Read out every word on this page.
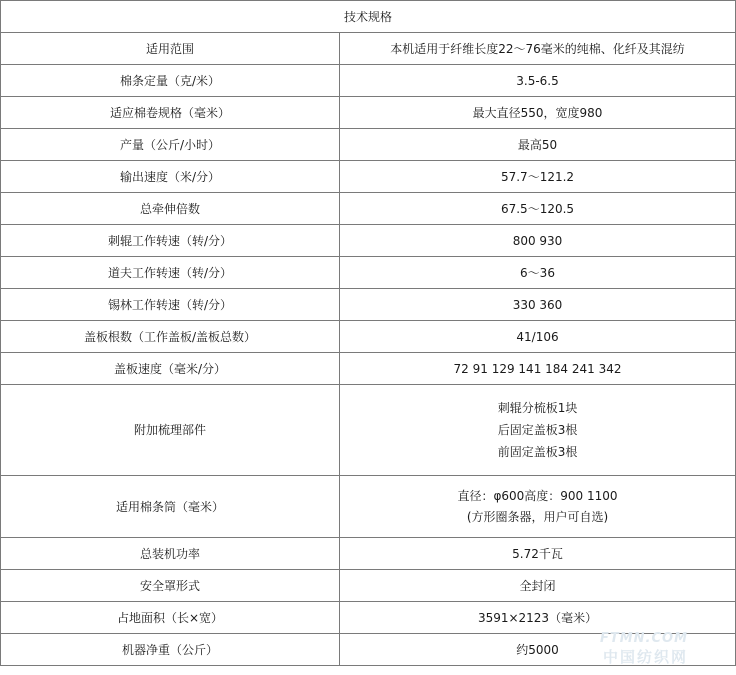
技术规格	
适用范围	本机适用于纤维长度22～76毫米的纯棉、化纤及其混纺
棉条定量（克/米）	3.5-6.5
适应棉卷规格（毫米）	最大直径550，宽度980
产量（公斤/小时）	最高50
输出速度（米/分）	57.7～121.2
总牵伸倍数	67.5～120.5
刺辊工作转速（转/分）	800 930
道夫工作转速（转/分）	6～36
锡林工作转速（转/分）	330 360
盖板根数（工作盖板/盖板总数）	41/106
盖板速度（毫米/分）	72 91 129 141 184 241 342
附加梳理部件	刺辊分梳板1块
后固定盖板3根
前固定盖板3根

适用棉条筒（毫米）	直径：φ600高度：900 1100
(方形圈条器，用户可自选)

总装机功率	5.72千瓦
安全罩形式	全封闭
占地面积（长×宽）	3591×2123（毫米）
机器净重（公斤）	约5000
FTMN.COM
中国纺织网
